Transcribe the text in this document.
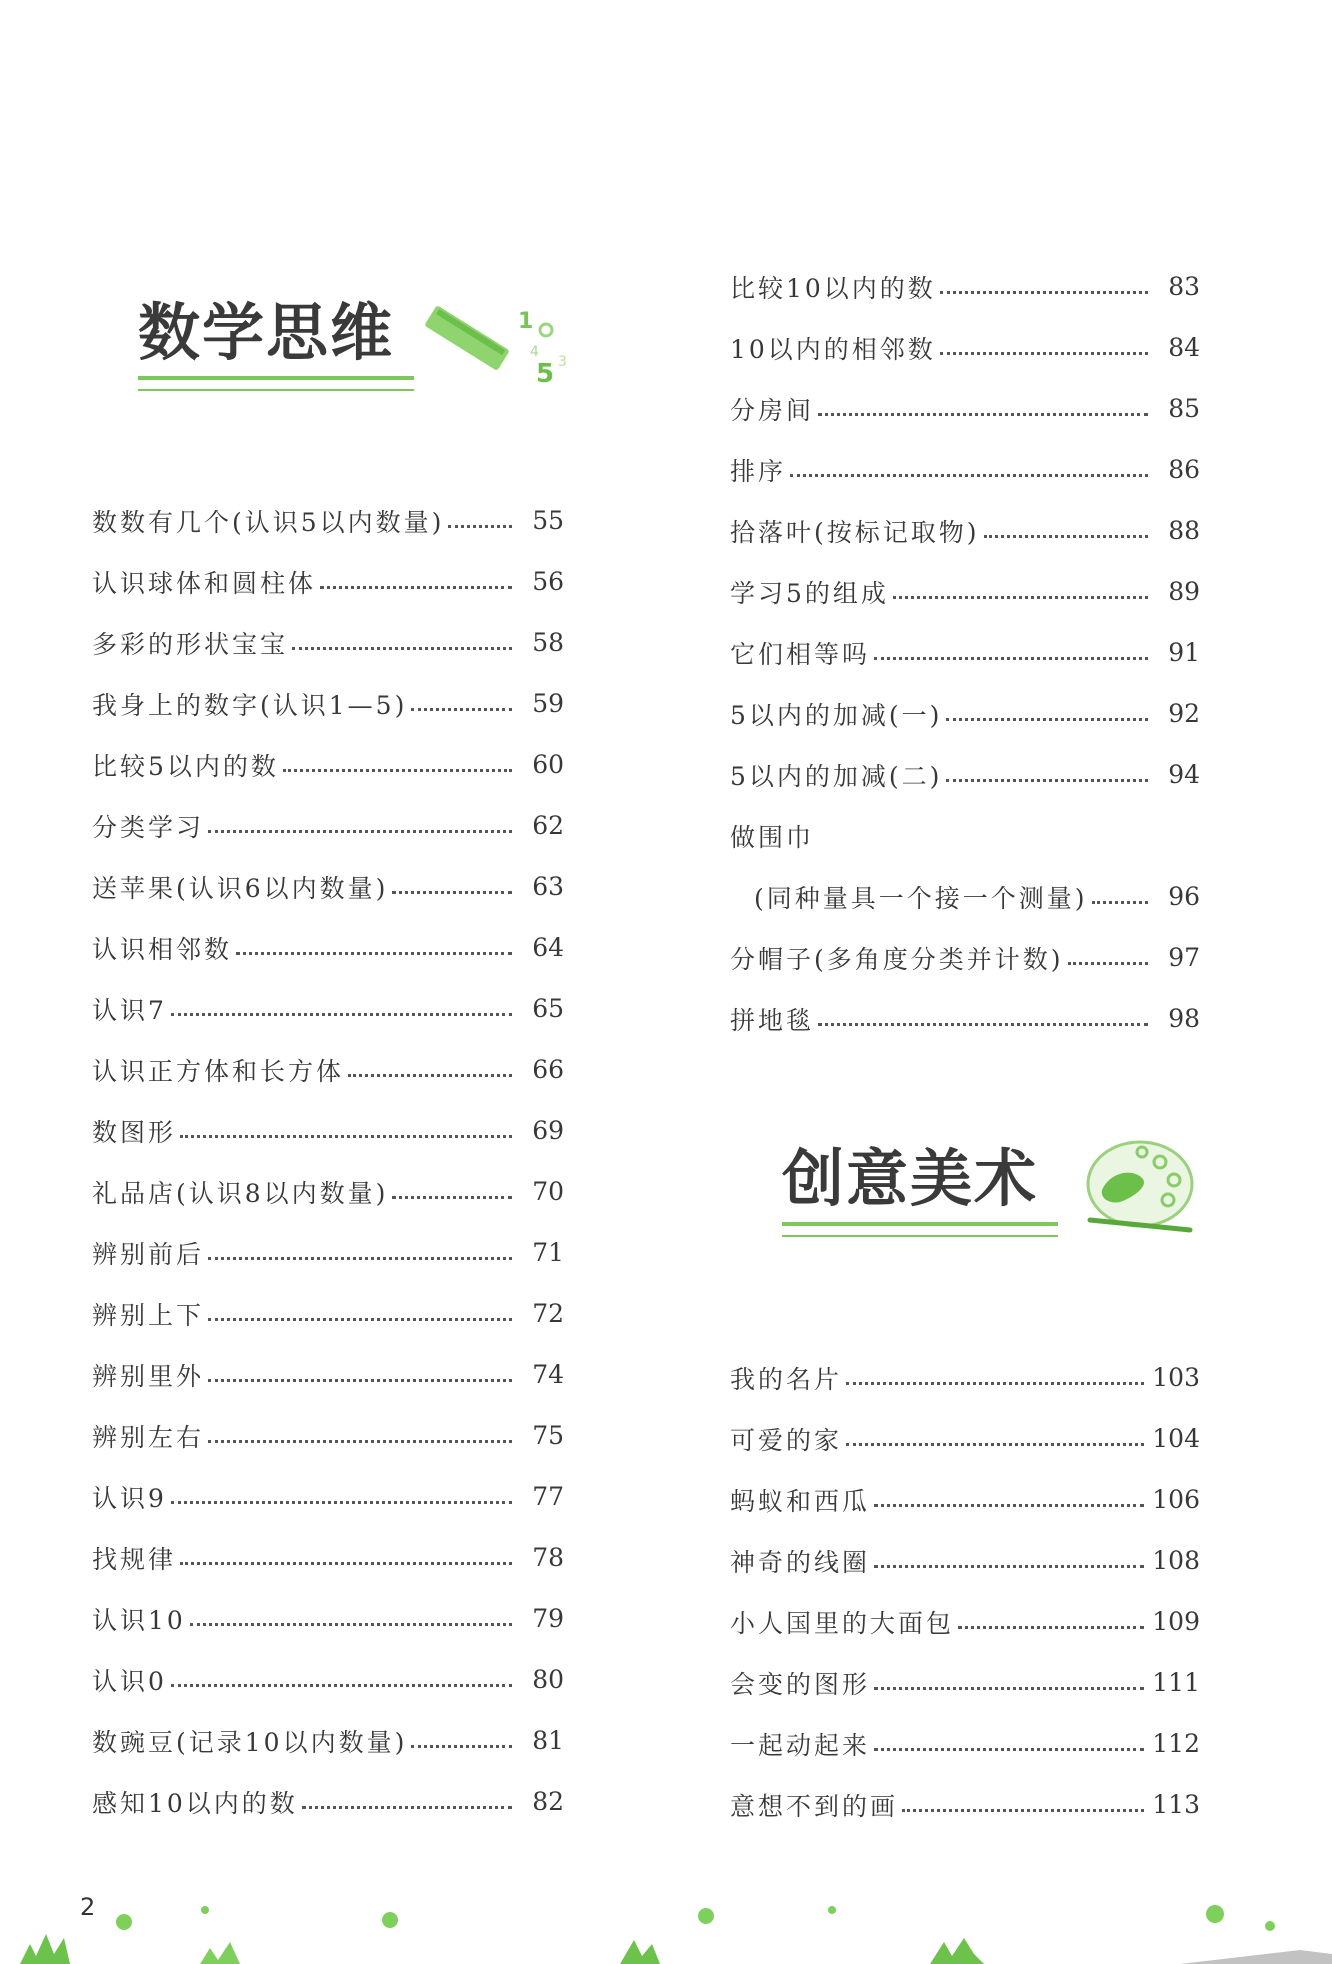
数学思维	1
4
5 3
数数有几个(认识5以内数量)	55
认识球体和圆柱体	56
多彩的形状宝宝	58
我身上的数字(认识1—5)	59
比较5以内的数	60
分类学习	62
送苹果(认识6以内数量)	63
认识相邻数	64
认识7	65
认识正方体和长方体	66
数图形	69
礼品店(认识8以内数量)	70
辨别前后	71
辨别上下	72
辨别里外	74
辨别左右	75
认识9	77
找规律	78
认识10	79
认识0	80
数豌豆(记录10以内数量)	81
感知10以内的数	82
比较10以内的数	83
10以内的相邻数	84
分房间	85
排序	86
拾落叶(按标记取物)	88
学习5的组成	89
它们相等吗	91
5以内的加减(一)	92
5以内的加减(二)	94
做围巾
(同种量具一个接一个测量)	96
分帽子(多角度分类并计数)	97
拼地毯	98
创意美术
我的名片	103
可爱的家	104
蚂蚁和西瓜	106
神奇的线圈	108
小人国里的大面包	109
会变的图形	111
一起动起来	112
意想不到的画	113
2
